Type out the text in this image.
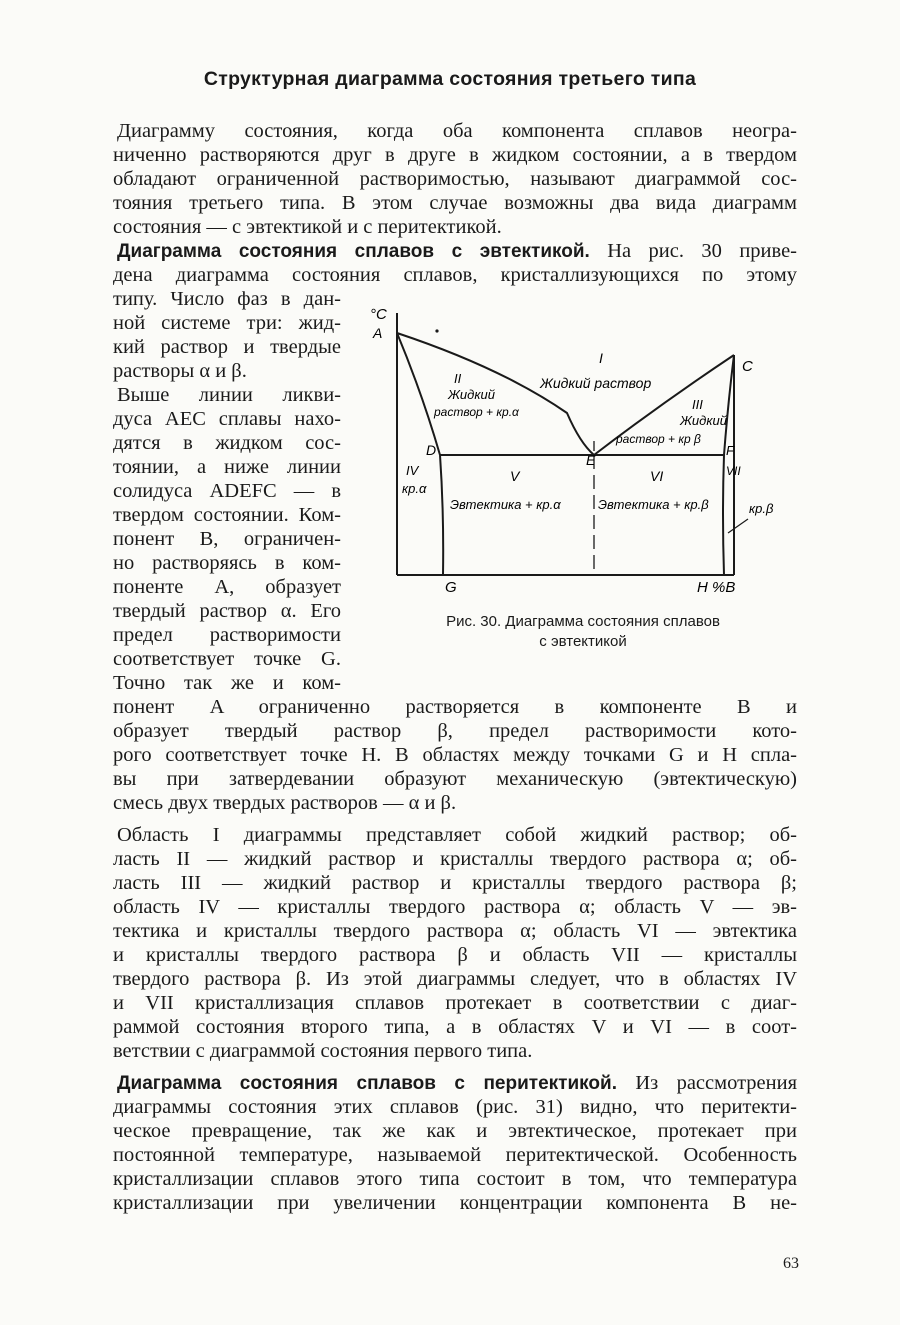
Структурная диаграмма состояния третьего типа
Диаграмму состояния, когда оба компонента сплавов неогра-
ниченно растворяются друг в друге в жидком состоянии, а в твердом
обладают ограниченной растворимостью, называют диаграммой сос-
тояния третьего типа. В этом случае возможны два вида диаграмм
состояния — с эвтектикой и с перитектикой.
Диаграмма состояния сплавов с эвтектикой. На рис. 30 приве-
дена диаграмма состояния сплавов, кристаллизующихся по этому
типу. Число фаз в дан-
ной системе три: жид-
кий раствор и твердые
растворы α и β.
Выше линии ликви-
дуса AEC сплавы нахо-
дятся в жидком сос-
тоянии, а ниже линии
солидуса ADEFC — в
твердом состоянии. Ком-
понент B, ограничен-
но растворяясь в ком-
поненте A, образует
твердый раствор α. Его
предел растворимости
соответствует точке G.
Точно так же и ком-
понент A ограниченно растворяется в компоненте B и
образует твердый раствор β, предел растворимости кото-
рого соответствует точке H. В областях между точками G и H спла-
вы при затвердевании образуют механическую (эвтектическую)
смесь двух твердых растворов — α и β.
Область I диаграммы представляет собой жидкий раствор; об-
ласть II — жидкий раствор и кристаллы твердого раствора α; об-
ласть III — жидкий раствор и кристаллы твердого раствора β;
область IV — кристаллы твердого раствора α; область V — эв-
тектика и кристаллы твердого раствора α; область VI — эвтектика
и кристаллы твердого раствора β и область VII — кристаллы
твердого раствора β. Из этой диаграммы следует, что в областях IV
и VII кристаллизация сплавов протекает в соответствии с диаг-
раммой состояния второго типа, а в областях V и VI — в соот-
ветствии с диаграммой состояния первого типа.
Диаграмма состояния сплавов с перитектикой. Из рассмотрения
диаграммы состояния этих сплавов (рис. 31) видно, что перитекти-
ческое превращение, так же как и эвтектическое, протекает при
постоянной температуре, называемой перитектической. Особенность
кристаллизации сплавов этого типа состоит в том, что температура
кристаллизации при увеличении концентрации компонента B не-
°C
A
C
D
E
F
G	H %B
I
Жидкий раствор
II
Жидкий
раствор + кр.α	III
Жидкий
раствор + кр β
IV
кр.α
V
Эвтектика + кр.α
VI
Эвтектика + кр.β
VII
кр.β
Рис. 30. Диаграмма состояния сплавов
с эвтектикой
63
